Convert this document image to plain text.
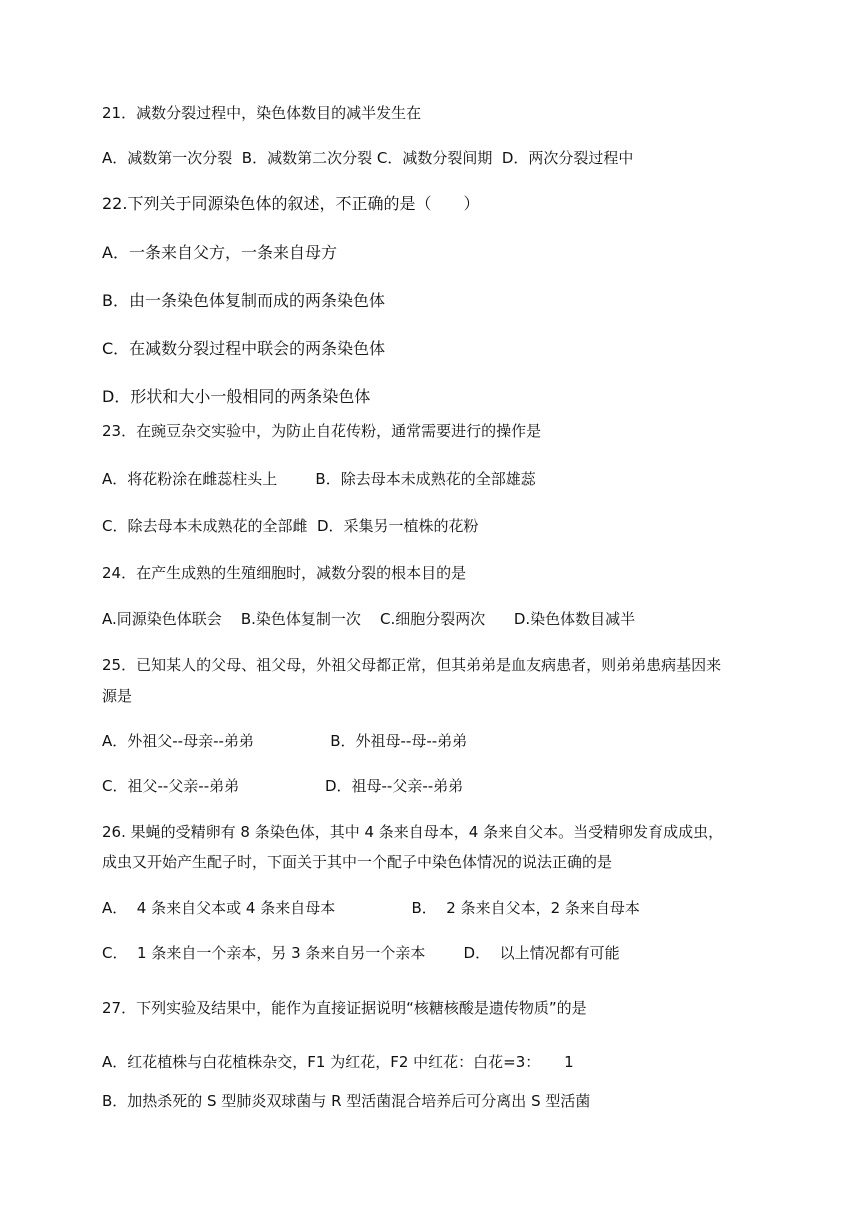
21．减数分裂过程中，染色体数目的减半发生在
A．减数第一次分裂  B．减数第二次分裂 C．减数分裂间期  D．两次分裂过程中
22.下列关于同源染色体的叙述，不正确的是（　　）
A．一条来自父方，一条来自母方
B．由一条染色体复制而成的两条染色体
C．在减数分裂过程中联会的两条染色体
D．形状和大小一般相同的两条染色体
23．在豌豆杂交实验中，为防止自花传粉，通常需要进行的操作是
A．将花粉涂在雌蕊柱头上        B．除去母本未成熟花的全部雄蕊
C．除去母本未成熟花的全部雌  D．采集另一植株的花粉
24．在产生成熟的生殖细胞时，减数分裂的根本目的是
A.同源染色体联会    B.染色体复制一次    C.细胞分裂两次      D.染色体数目减半
25．已知某人的父母、祖父母，外祖父母都正常，但其弟弟是血友病患者，则弟弟患病基因来
源是
A．外祖父--母亲--弟弟                B．外祖母--母--弟弟
C．祖父--父亲--弟弟                  D．祖母--父亲--弟弟
26. 果蝇的受精卵有 8 条染色体，其中 4 条来自母本，4 条来自父本。当受精卵发育成成虫，
成虫又开始产生配子时，下面关于其中一个配子中染色体情况的说法正确的是
A．  4 条来自父本或 4 条来自母本                B．  2 条来自父本，2 条来自母本
C．  1 条来自一个亲本，另 3 条来自另一个亲本        D．  以上情况都有可能
27．下列实验及结果中，能作为直接证据说明“核糖核酸是遗传物质”的是
A．红花植株与白花植株杂交，F1 为红花，F2 中红花：白花=3：     1
B．加热杀死的 S 型肺炎双球菌与 R 型活菌混合培养后可分离出 S 型活菌
